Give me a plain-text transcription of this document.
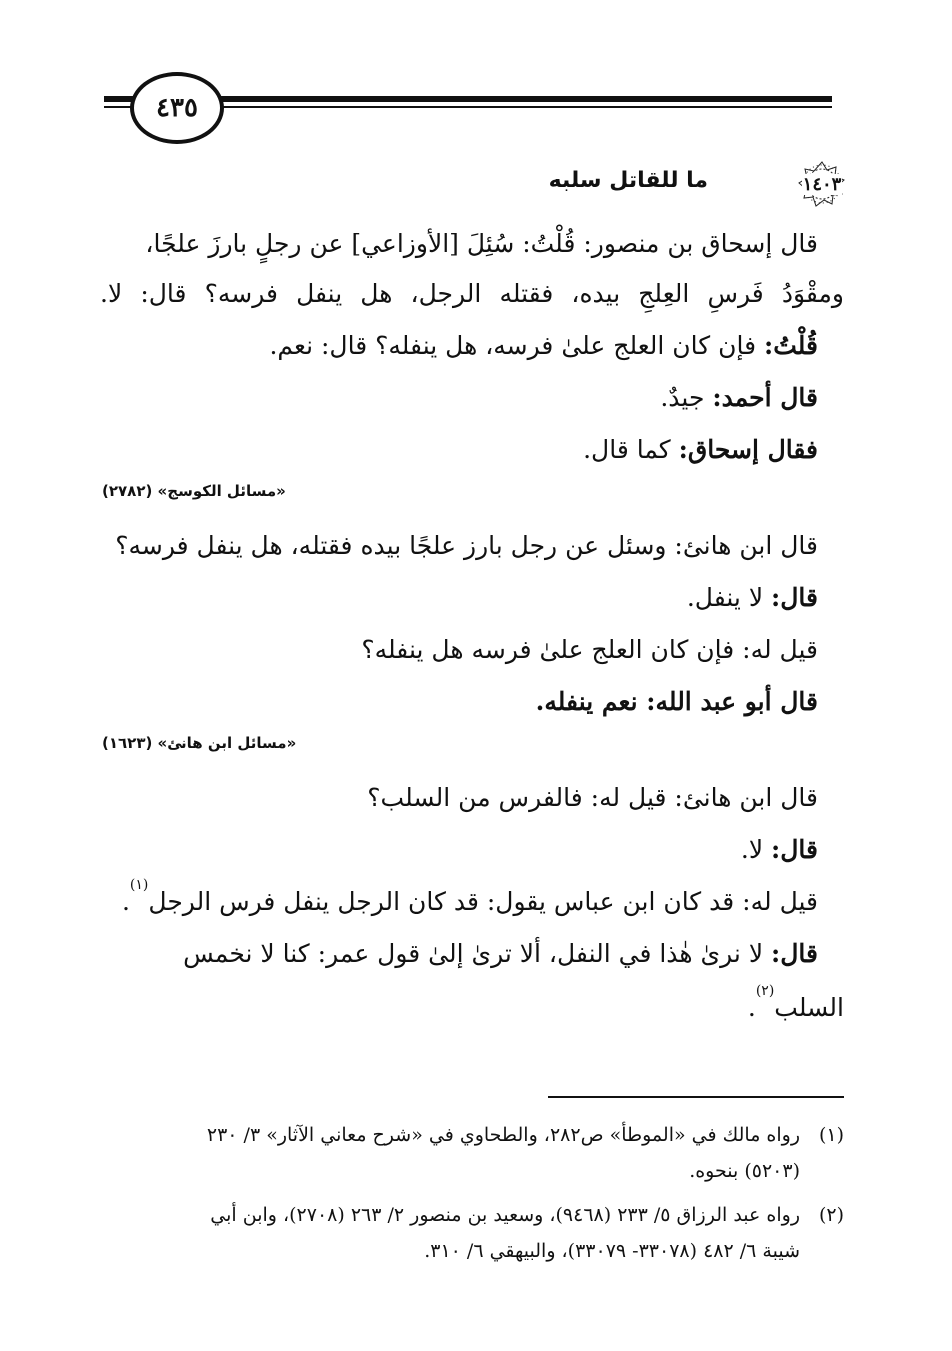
٤٣٥
١٤٠٣
ما للقاتل سلبه
قال إسحاق بن منصور: قُلْتُ: سُئِلَ [الأوزاعي] عن رجلٍ بارزَ علجًا،
ومقْوَدُ فَرسِ العِلجِ بيده، فقتله الرجل، هل ينفل فرسه؟ قال: لا.
قُلْتُ: فإن كان العلج علىٰ فرسه، هل ينفله؟ قال: نعم.
قال أحمد: جيدٌ.
فقال إسحاق: كما قال.
«مسائل الكوسج» (٢٧٨٢)
قال ابن هانئ: وسئل عن رجل بارز علجًا بيده فقتله، هل ينفل فرسه؟
قال: لا ينفل.
قيل له: فإن كان العلج علىٰ فرسه هل ينفله؟
قال أبو عبد الله: نعم ينفله.
«مسائل ابن هانئ» (١٦٢٣)
قال ابن هانئ: قيل له: فالفرس من السلب؟
قال: لا.
قيل له: قد كان ابن عباس يقول: قد كان الرجل ينفل فرس الرجل$^{(١)}$.
قال: لا نرىٰ هٰذا في النفل، ألا ترىٰ إلىٰ قول عمر: كنا لا نخمس
السلب$^{(٢)}$.
(١)رواه مالك في «الموطأ» ص٢٨٢، والطحاوي في «شرح معاني الآثار» ٣/ ٢٣٠
(٥٢٠٣) بنحوه.
(٢)رواه عبد الرزاق ٥/ ٢٣٣ (٩٤٦٨)، وسعيد بن منصور ٢/ ٢٦٣ (٢٧٠٨)، وابن أبي
شيبة ٦/ ٤٨٢ (٣٣٠٧٨- ٣٣٠٧٩)، والبيهقي ٦/ ٣١٠.
